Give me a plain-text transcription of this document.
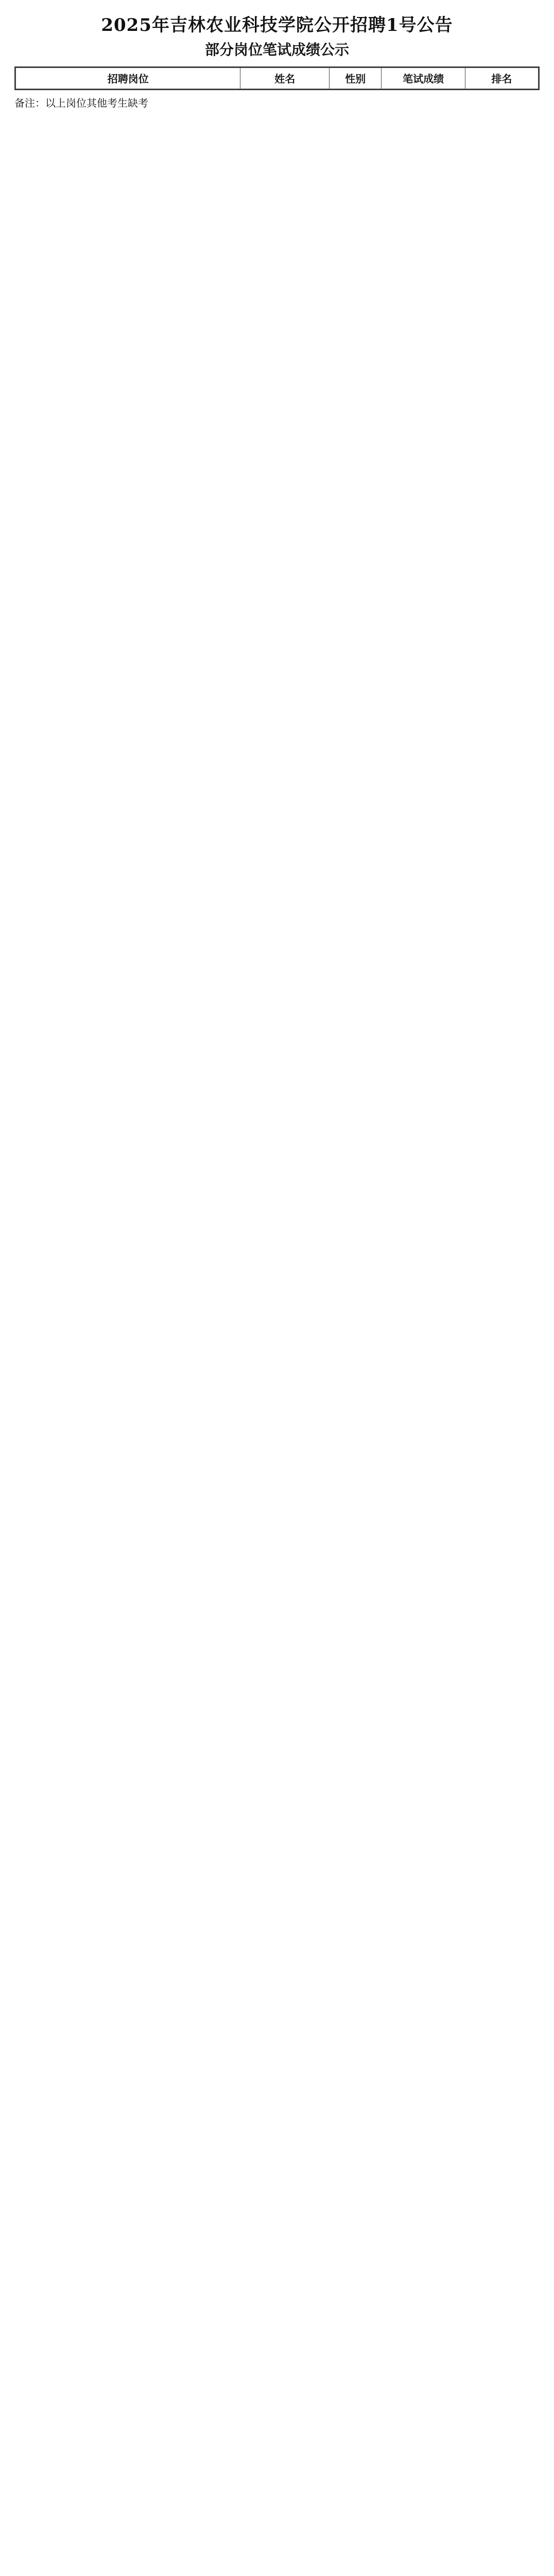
2025年吉林农业科技学院公开招聘1号公告
部分岗位笔试成绩公示
招聘岗位	姓名	性别	笔试成绩	排名
备注：以上岗位其他考生缺考
